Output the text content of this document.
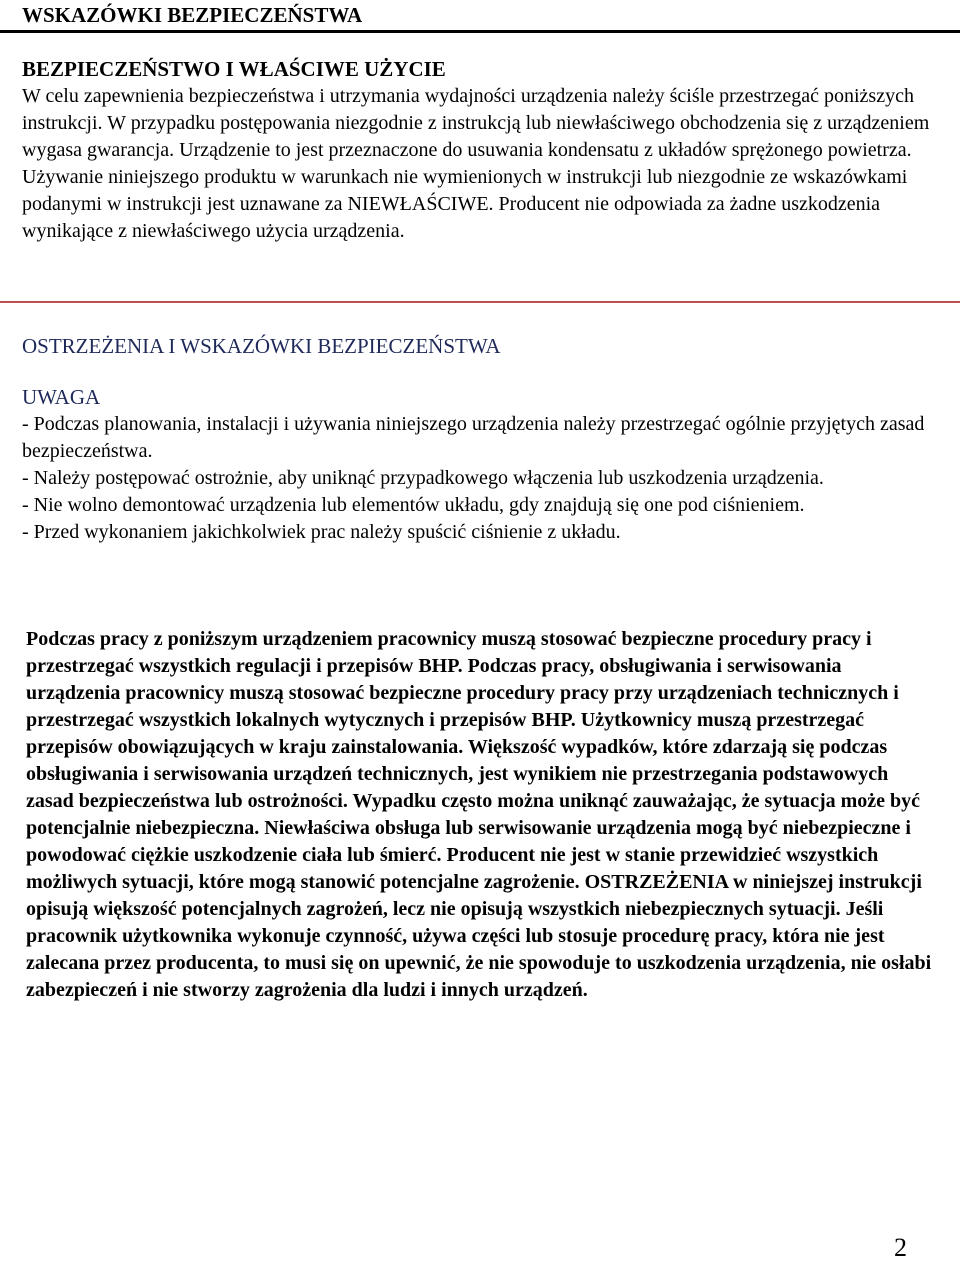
WSKAZÓWKI BEZPIECZEŃSTWA
BEZPIECZEŃSTWO I WŁAŚCIWE UŻYCIE
W celu zapewnienia bezpieczeństwa i utrzymania wydajności urządzenia należy ściśle przestrzegać poniższych instrukcji. W przypadku postępowania niezgodnie z instrukcją lub niewłaściwego obchodzenia się z urządzeniem wygasa gwarancja. Urządzenie to jest przeznaczone do usuwania kondensatu z układów sprężonego powietrza. Używanie niniejszego produktu w warunkach nie wymienionych w instrukcji lub niezgodnie ze wskazówkami podanymi w instrukcji jest uznawane za NIEWŁAŚCIWE. Producent nie odpowiada za żadne uszkodzenia wynikające z niewłaściwego użycia urządzenia.
OSTRZEŻENIA I WSKAZÓWKI BEZPIECZEŃSTWA
UWAGA
- Podczas planowania, instalacji i używania niniejszego urządzenia należy przestrzegać ogólnie przyjętych zasad bezpieczeństwa.
- Należy postępować ostrożnie, aby uniknąć przypadkowego włączenia lub uszkodzenia urządzenia.
- Nie wolno demontować urządzenia lub elementów układu, gdy znajdują się one pod ciśnieniem.
- Przed wykonaniem jakichkolwiek prac należy spuścić ciśnienie z układu.
Podczas pracy z poniższym urządzeniem pracownicy muszą stosować bezpieczne procedury pracy i przestrzegać wszystkich regulacji i przepisów BHP. Podczas pracy, obsługiwania i serwisowania urządzenia pracownicy muszą stosować bezpieczne procedury pracy przy urządzeniach technicznych i przestrzegać wszystkich lokalnych wytycznych i przepisów BHP. Użytkownicy muszą przestrzegać przepisów obowiązujących w kraju zainstalowania. Większość wypadków, które zdarzają się podczas obsługiwania i serwisowania urządzeń technicznych, jest wynikiem nie przestrzegania podstawowych zasad bezpieczeństwa lub ostrożności. Wypadku często można uniknąć zauważając, że sytuacja może być potencjalnie niebezpieczna. Niewłaściwa obsługa lub serwisowanie urządzenia mogą być niebezpieczne i powodować ciężkie uszkodzenie ciała lub śmierć. Producent nie jest w stanie przewidzieć wszystkich możliwych sytuacji, które mogą stanowić potencjalne zagrożenie. OSTRZEŻENIA w niniejszej instrukcji opisują większość potencjalnych zagrożeń, lecz nie opisują wszystkich niebezpiecznych sytuacji. Jeśli pracownik użytkownika wykonuje czynność, używa części lub stosuje procedurę pracy, która nie jest zalecana przez producenta, to musi się on upewnić, że nie spowoduje to uszkodzenia urządzenia, nie osłabi zabezpieczeń i nie stworzy zagrożenia dla ludzi i innych urządzeń.
2
